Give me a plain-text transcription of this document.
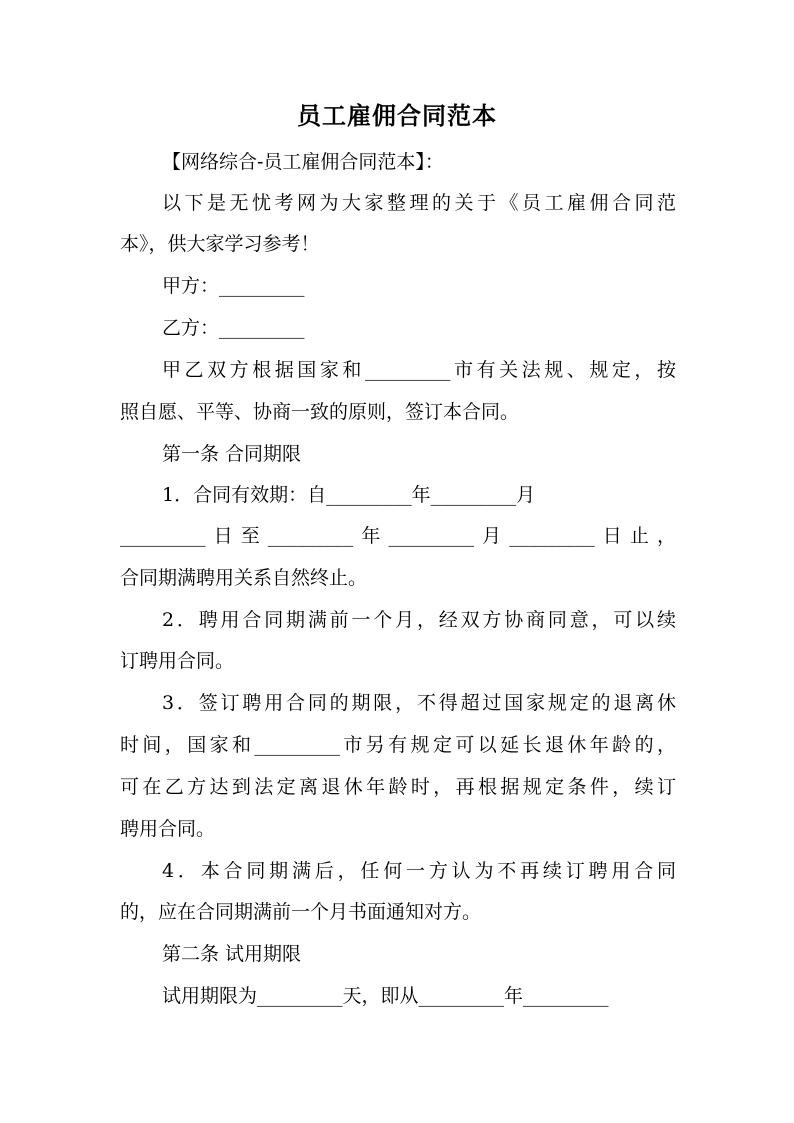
员工雇佣合同范本
【网络综合-员工雇佣合同范本】：
以下是无忧考网为大家整理的关于《员工雇佣合同范
本》，供大家学习参考！
甲方：_________
乙方：_________
甲乙双方根据国家和_________市有关法规、规定，按
照自愿、平等、协商一致的原则，签订本合同。
第一条 合同期限
1．合同有效期：自_________年_________月
_________日至_________年_________月_________日止，
合同期满聘用关系自然终止。
2．聘用合同期满前一个月，经双方协商同意，可以续
订聘用合同。
3．签订聘用合同的期限，不得超过国家规定的退离休
时间，国家和_________市另有规定可以延长退休年龄的，
可在乙方达到法定离退休年龄时，再根据规定条件，续订
聘用合同。
4．本合同期满后，任何一方认为不再续订聘用合同
的，应在合同期满前一个月书面通知对方。
第二条 试用期限
试用期限为_________天，即从_________年_________
